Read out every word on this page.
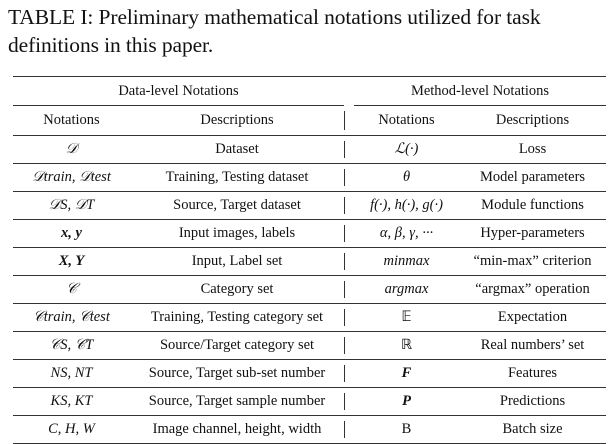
TABLE I: Preliminary mathematical notations utilized for task
definitions in this paper.
Data-level Notations			Method-level Notations	
Notations	Descriptions		Notations	Descriptions
𝒟	Dataset		ℒ(·)	Loss
𝒟train, 𝒟test	Training, Testing dataset		θ	Model parameters
𝒟S, 𝒟T	Source, Target dataset		f(·), h(·), g(·)	Module functions
x, y	Input images, labels		α, β, γ, ···	Hyper-parameters
X, Y	Input, Label set		minmax	“min-max” criterion
𝒞	Category set		argmax	“argmax” operation
𝒞train, 𝒞test	Training, Testing category set		𝔼	Expectation
𝒞S, 𝒞T	Source/Target category set		ℝ	Real numbers’ set
NS, NT	Source, Target sub-set number		F	Features
KS, KT	Source, Target sample number		P	Predictions
C, H, W	Image channel, height, width		B	Batch size
